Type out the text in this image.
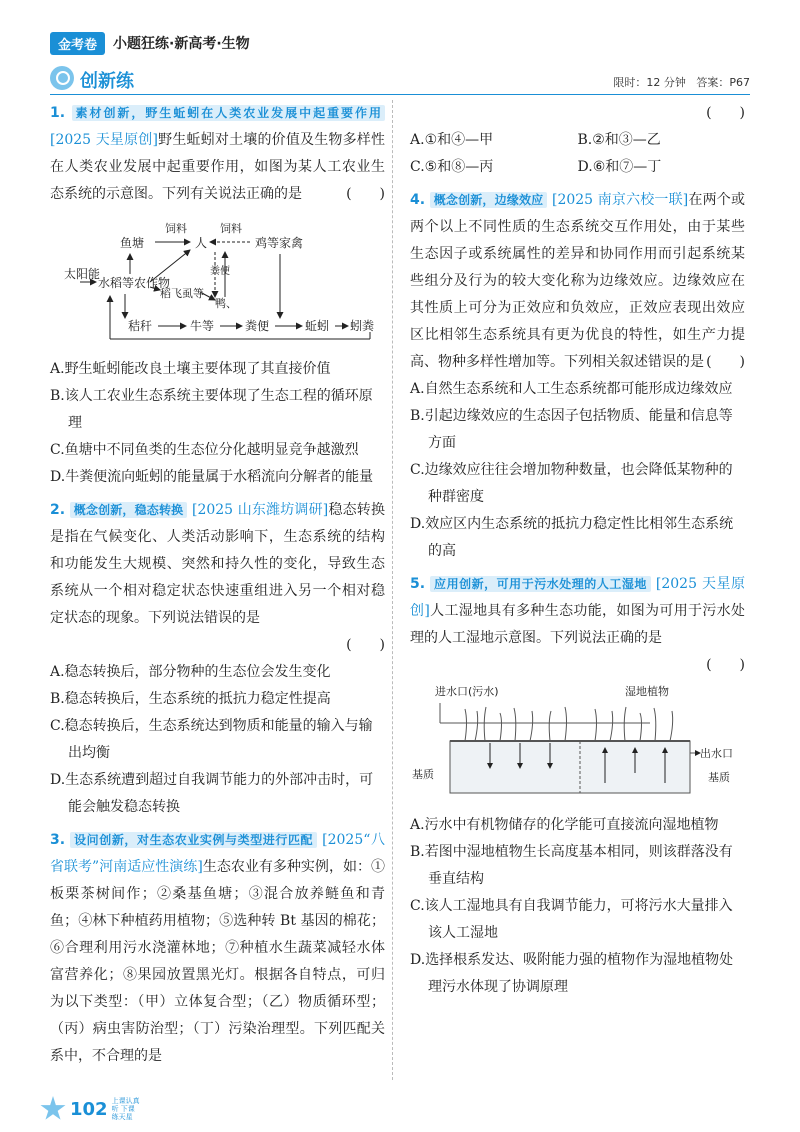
金考卷	小题狂练·新高考·生物
创新练	限时：12 分钟 答案：P67

1. 素材创新，野生蚯蚓在人类农业发展中起重要作用 [2025 天星原创]野生蚯蚓对土壤的价值及生物多样性在人类农业发展中起重要作用，如图为某人工农业生态系统的示意图。下列有关说法正确的是	(　　)

太阳能
鱼塘	人
饲料	饲料
鸡等家禽
水稻等农作物
稻飞虱等
鸭、
粪便
秸秆	牛等	粪便	蚯蚓 蚓粪

A.野生蚯蚓能改良土壤主要体现了其直接价值

B.该人工农业生态系统主要体现了生态工程的循环原理

C.鱼塘中不同鱼类的生态位分化越明显竞争越激烈

D.牛粪便流向蚯蚓的能量属于水稻流向分解者的能量

2. 概念创新，稳态转换 [2025 山东潍坊调研]稳态转换是指在气候变化、人类活动影响下，生态系统的结构和功能发生大规模、突然和持久性的变化，导致生态系统从一个相对稳定状态快速重组进入另一个相对稳定状态的现象。下列说法错误的是

(　　)

A.稳态转换后，部分物种的生态位会发生变化

B.稳态转换后，生态系统的抵抗力稳定性提高

C.稳态转换后，生态系统达到物质和能量的输入与输出均衡

D.生态系统遭到超过自我调节能力的外部冲击时，可能会触发稳态转换

3. 设问创新，对生态农业实例与类型进行匹配 [2025“八省联考”河南适应性演练]生态农业有多种实例，如：①板栗茶树间作；②桑基鱼塘；③混合放养鲢鱼和青鱼；④林下种植药用植物；⑤选种转 Bt 基因的棉花；⑥合理利用污水浇灌林地；⑦种植水生蔬菜减轻水体富营养化；⑧果园放置黑光灯。根据各自特点，可归为以下类型：（甲）立体复合型；（乙）物质循环型；（丙）病虫害防治型；（丁）污染治理型。下列匹配关系中，不合理的是

(　　)

A.①和④—甲	B.②和③—乙
C.⑤和⑧—丙	D.⑥和⑦—丁

4. 概念创新，边缘效应 [2025 南京六校一联]在两个或两个以上不同性质的生态系统交互作用处，由于某些生态因子或系统属性的差异和协同作用而引起系统某些组分及行为的较大变化称为边缘效应。边缘效应在其性质上可分为正效应和负效应，正效应表现出效应区比相邻生态系统具有更为优良的特性，如生产力提高、物种多样性增加等。下列相关叙述错误的是 (　　)

A.自然生态系统和人工生态系统都可能形成边缘效应

B.引起边缘效应的生态因子包括物质、能量和信息等方面

C.边缘效应往往会增加物种数量，也会降低某物种的种群密度

D.效应区内生态系统的抵抗力稳定性比相邻生态系统的高

5. 应用创新，可用于污水处理的人工湿地 [2025 天星原创]人工湿地具有多种生态功能，如图为可用于污水处理的人工湿地示意图。下列说法正确的是

(　　)

进水口(污水)	湿地植物
出水口
基质	基质

A.污水中有机物储存的化学能可直接流向湿地植物

B.若图中湿地植物生长高度基本相同，则该群落没有垂直结构

C.该人工湿地具有自我调节能力，可将污水大量排入该人工湿地

D.选择根系发达、吸附能力强的植物作为湿地植物处理污水体现了协调原理

102 上课认真听 下课练天星
